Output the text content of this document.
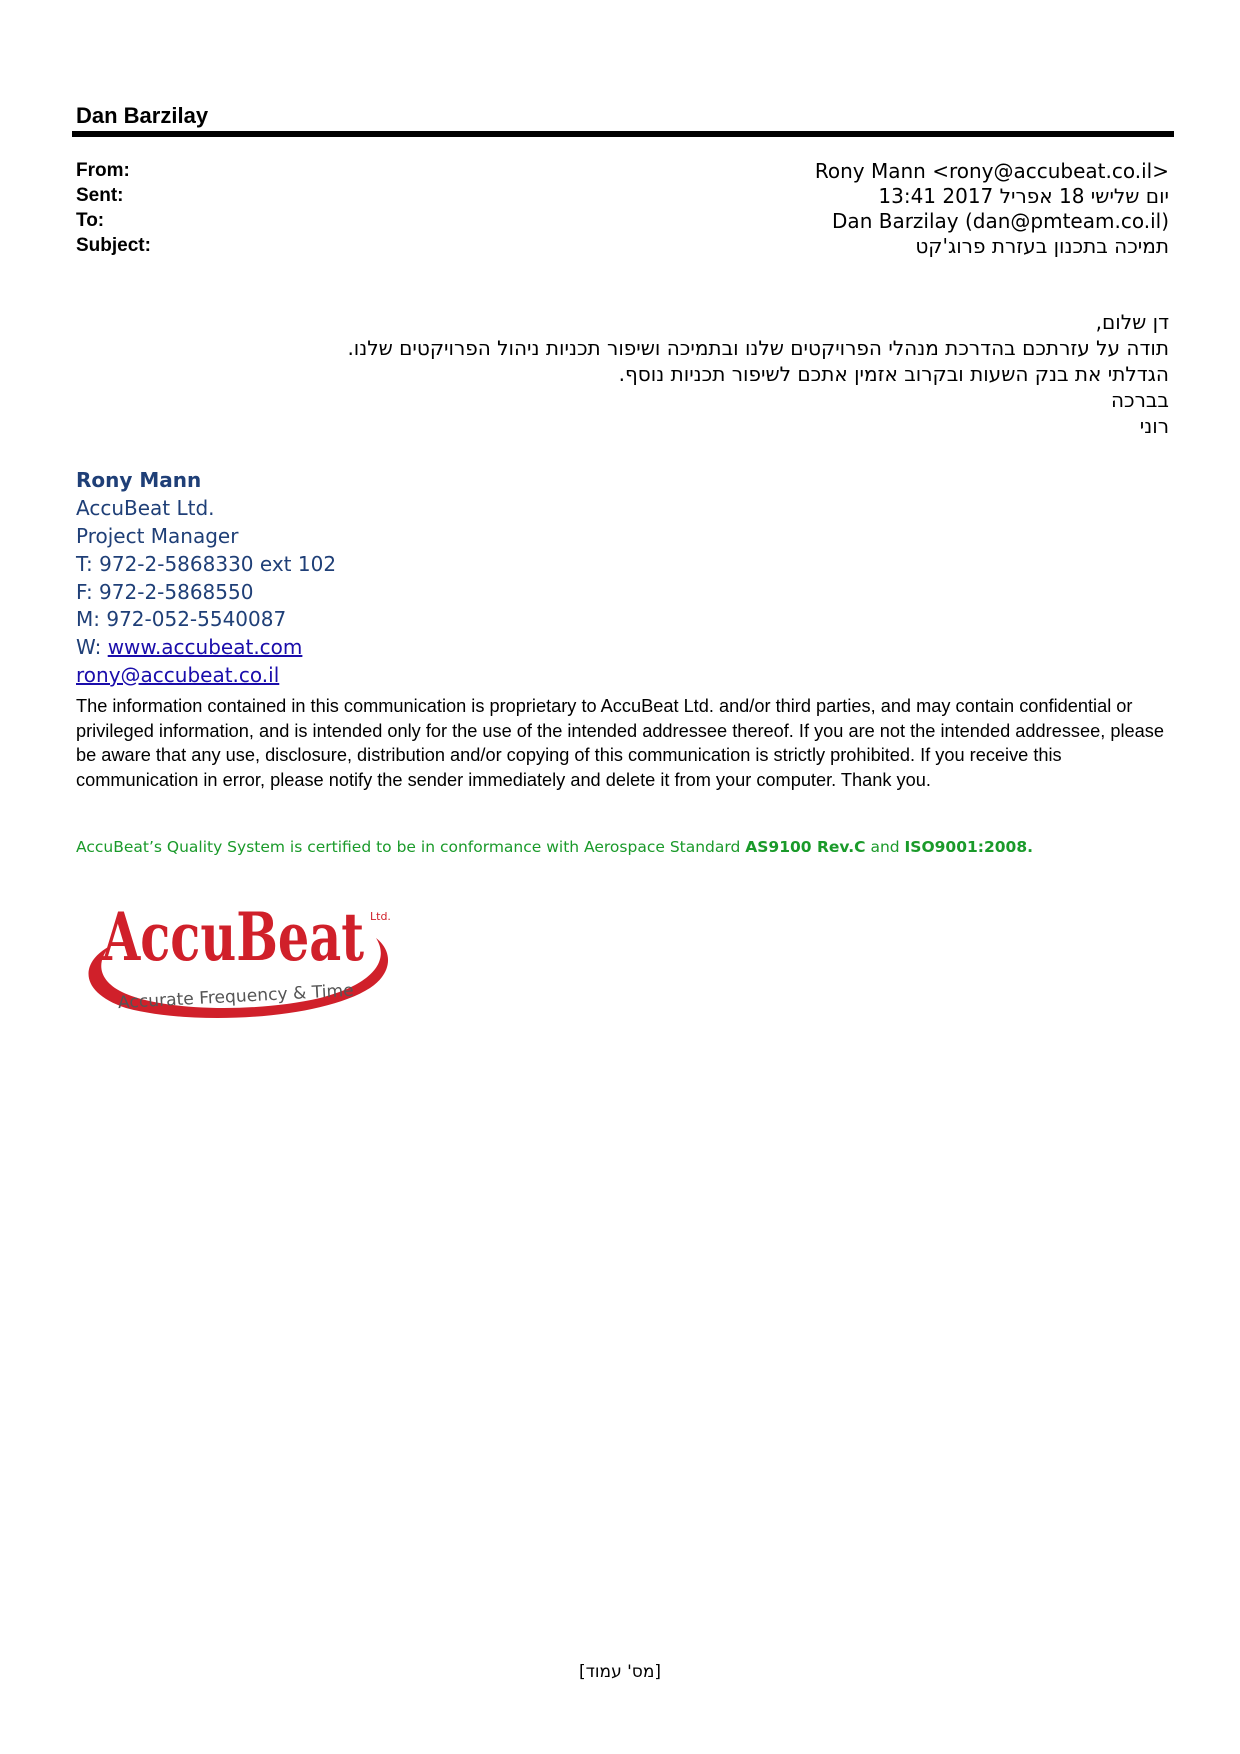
Dan Barzilay
From:	<Rony Mann <rony@accubeat.co.il
Sent:	יום שלישי 18 אפריל 2017 13:41
To:	(Dan Barzilay (dan@pmteam.co.il
Subject:	תמיכה בתכנון בעזרת פרוג'קט
דן שלום,
תודה על עזרתכם בהדרכת מנהלי הפרויקטים שלנו ובתמיכה ושיפור תכניות ניהול הפרויקטים שלנו.
הגדלתי את בנק השעות ובקרוב אזמין אתכם לשיפור תכניות נוסף.
בברכה
רוני
Rony Mann
AccuBeat Ltd.
Project Manager
T: 972-2-5868330 ext 102
F: 972-2-5868550
M: 972-052-5540087
W: www.accubeat.com
rony@accubeat.co.il
The information contained in this communication is proprietary to AccuBeat Ltd. and/or third parties, and may contain confidential or privileged information, and is intended only for the use of the intended addressee thereof. If you are not the intended addressee, please be aware that any use, disclosure, distribution and/or copying of this communication is strictly prohibited. If you receive this communication in error, please notify the sender immediately and delete it from your computer. Thank you.
AccuBeat’s Quality System is certified to be in conformance with Aerospace Standard AS9100 Rev.C and ISO9001:2008.
AccuBeat Ltd.
Accurate Frequency & Time
[מס' עמוד]
